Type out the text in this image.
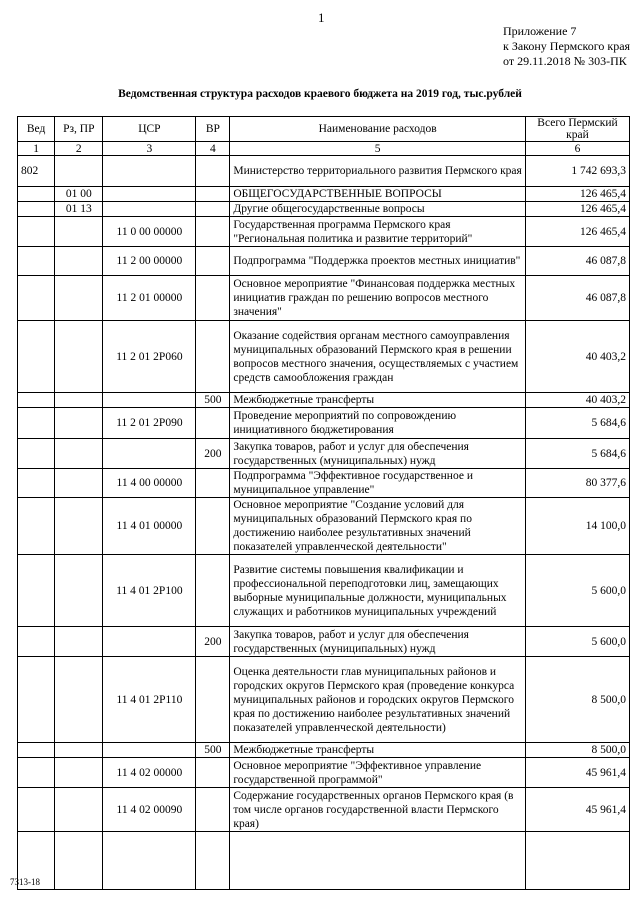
1
Приложение 7
к Закону Пермского края
от 29.11.2018 № 303-ПК
Ведомственная структура расходов краевого бюджета на 2019 год, тыс.рублей
Вед	Рз, ПР	ЦСР	ВР	Наименование расходов	Всего Пермский край
1	2	3	4	5	6
802				Министерство территориального развития Пермского края	1 742 693,3
	01 00			ОБЩЕГОСУДАРСТВЕННЫЕ ВОПРОСЫ	126 465,4
	01 13			Другие общегосударственные вопросы	126 465,4
		11 0 00 00000		Государственная программа Пермского края "Региональная политика и развитие территорий"	126 465,4
		11 2 00 00000		Подпрограмма "Поддержка проектов местных инициатив"	46 087,8
		11 2 01 00000		Основное мероприятие "Финансовая поддержка местных инициатив граждан по решению вопросов местного значения"	46 087,8
		11 2 01 2P060		Оказание содействия органам местного самоуправления муниципальных образований Пермского края в решении вопросов местного значения, осуществляемых с участием средств самообложения граждан	40 403,2
			500	Межбюджетные трансферты	40 403,2
		11 2 01 2P090		Проведение мероприятий по сопровождению инициативного бюджетирования	5 684,6
			200	Закупка товаров, работ и услуг для обеспечения государственных (муниципальных) нужд	5 684,6
		11 4 00 00000		Подпрограмма "Эффективное государственное и муниципальное управление"	80 377,6
		11 4 01 00000		Основное мероприятие "Создание условий для муниципальных образований Пермского края по достижению наиболее результативных значений показателей управленческой деятельности"	14 100,0
		11 4 01 2P100		Развитие системы повышения квалификации и профессиональной переподготовки лиц, замещающих выборные муниципальные должности, муниципальных служащих и работников муниципальных учреждений	5 600,0
			200	Закупка товаров, работ и услуг для обеспечения государственных (муниципальных) нужд	5 600,0
		11 4 01 2P110		Оценка деятельности глав муниципальных районов и городских округов Пермского края (проведение конкурса муниципальных районов и городских округов Пермского края по достижению наиболее результативных значений показателей управленческой деятельности)	8 500,0
			500	Межбюджетные трансферты	8 500,0
		11 4 02 00000		Основное мероприятие "Эффективное управление государственной программой"	45 961,4
		11 4 02 00090		Содержание государственных органов Пермского края (в том числе органов государственной власти Пермского края)	45 961,4

7313-18
